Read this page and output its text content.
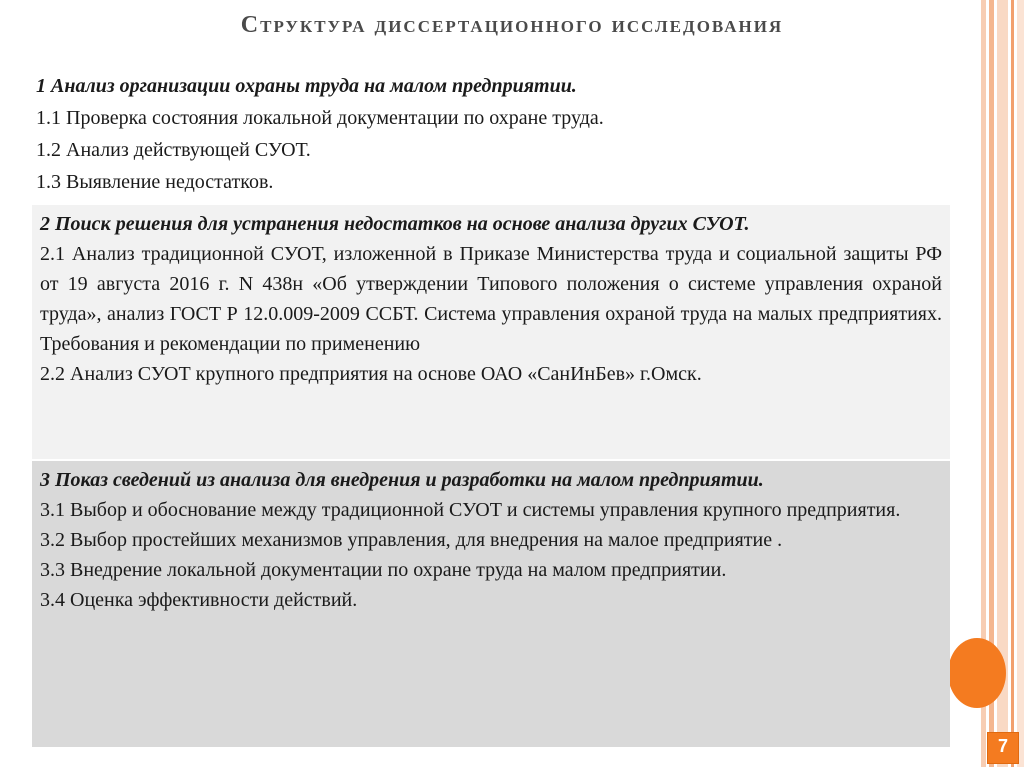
7
Структура диссертационного исследования

1 Анализ организации охраны труда на малом предприятии.

1.1 Проверка состояния локальной документации по охране труда.

1.2 Анализ действующей СУОТ.

1.3 Выявление недостатков.

2 Поиск решения для устранения недостатков на основе анализа других СУОТ.

2.1 Анализ традиционной СУОТ, изложенной в Приказе Министерства труда и социальной защиты РФ от 19 августа 2016 г. N 438н «Об утверждении Типового положения о системе управления охраной труда», анализ ГОСТ Р 12.0.009-2009 ССБТ. Система управления охраной труда на малых предприятиях. Требования и рекомендации по применению

2.2 Анализ СУОТ крупного предприятия на основе ОАО «СанИнБев» г.Омск.

3 Показ сведений из анализа для внедрения и разработки на малом предприятии.

3.1 Выбор и обоснование между традиционной СУОТ и системы управления крупного предприятия.

3.2 Выбор простейших механизмов управления, для внедрения на малое предприятие .

3.3 Внедрение локальной документации по охране труда на малом предприятии.

3.4 Оценка эффективности действий.
